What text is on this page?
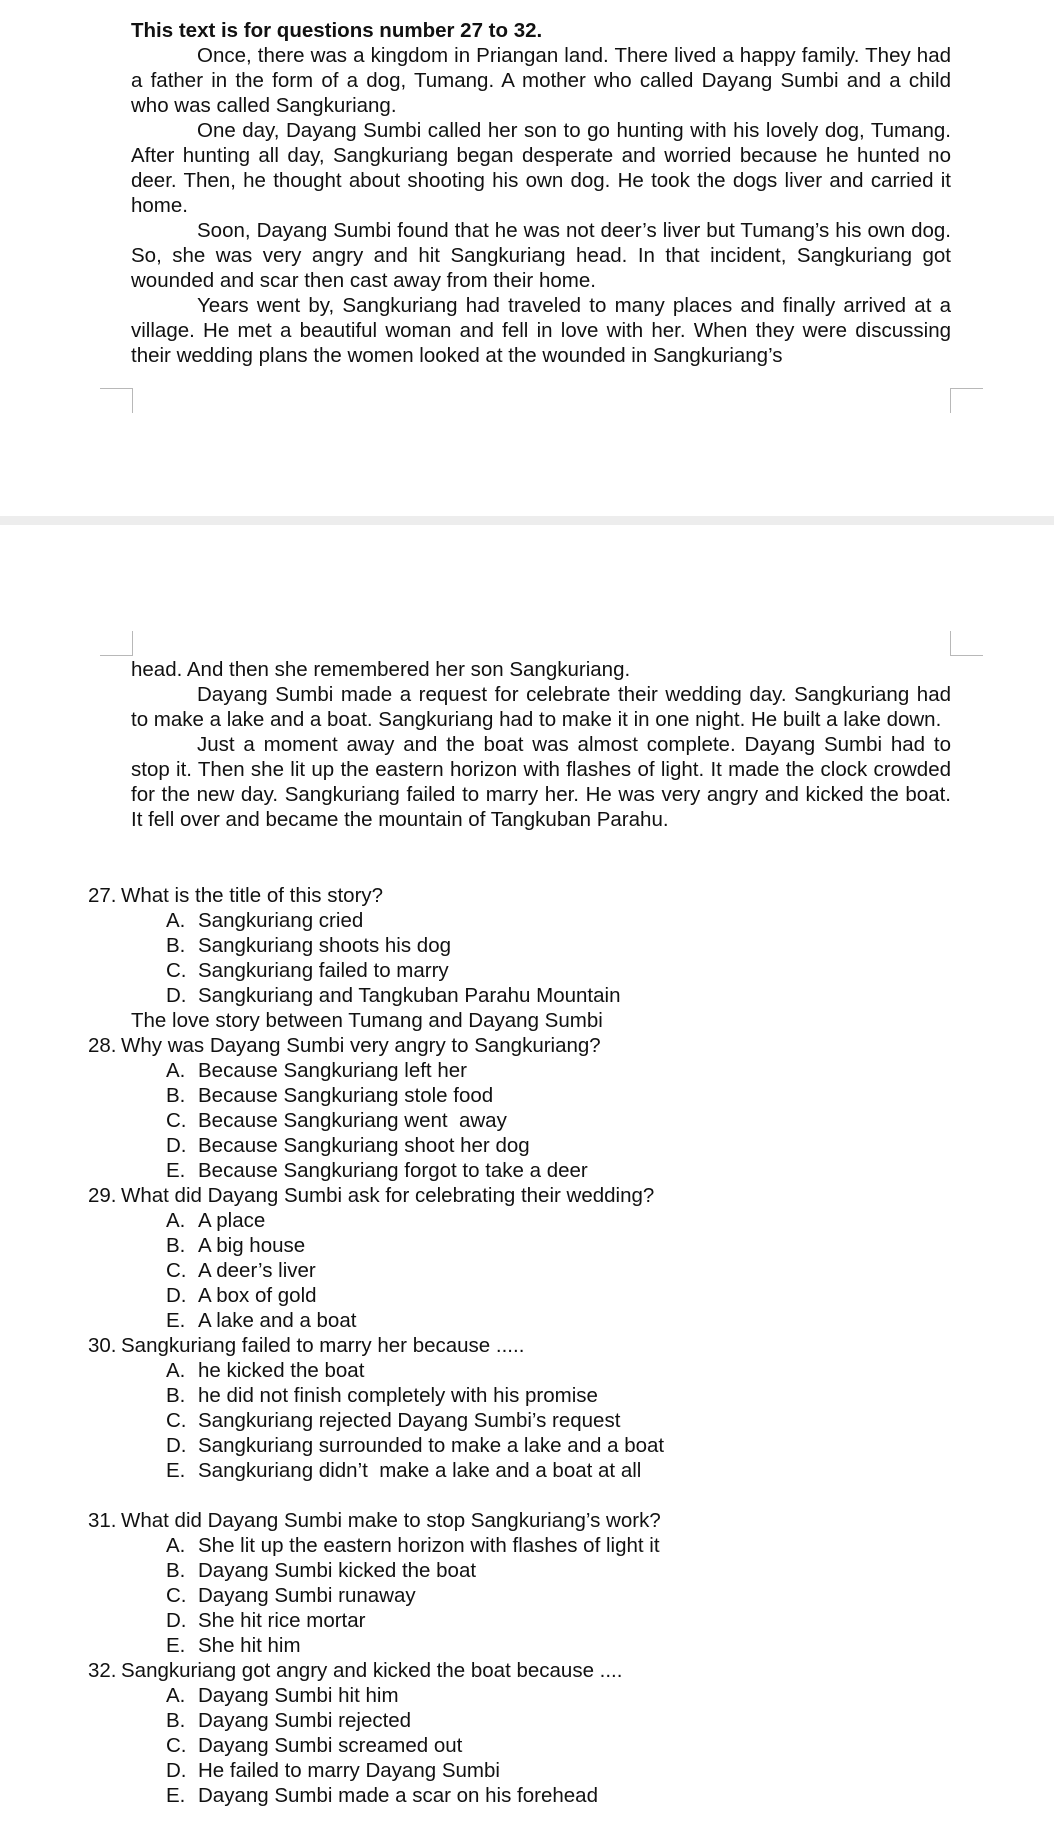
This text is for questions number 27 to 32.

Once, there was a kingdom in Priangan land. There lived a happy family. They had a father in the form of a dog, Tumang. A mother who called Dayang Sumbi and a child who was called Sangkuriang.

One day, Dayang Sumbi called her son to go hunting with his lovely dog, Tumang. After hunting all day, Sangkuriang began desperate and worried because he hunted no deer. Then, he thought about shooting his own dog. He took the dogs liver and carried it home.

Soon, Dayang Sumbi found that he was not deer’s liver but Tumang’s his own dog. So, she was very angry and hit Sangkuriang head. In that incident, Sangkuriang got wounded and scar then cast away from their home.

Years went by, Sangkuriang had traveled to many places and finally arrived at a village. He met a beautiful woman and fell in love with her. When they were discussing their wedding plans the women looked at the wounded in Sangkuriang’s

head. And then she remembered her son Sangkuriang.

Dayang Sumbi made a request for celebrate their wedding day. Sangkuriang had to make a lake and a boat. Sangkuriang had to make it in one night. He built a lake down.

Just a moment away and the boat was almost complete. Dayang Sumbi had to stop it. Then she lit up the eastern horizon with flashes of light. It made the clock crowded for the new day. Sangkuriang failed to marry her. He was very angry and kicked the boat. It fell over and became the mountain of Tangkuban Parahu.

27. What is the title of this story?
A. Sangkuriang cried
B. Sangkuriang shoots his dog
C. Sangkuriang failed to marry
D. Sangkuriang and Tangkuban Parahu Mountain
The love story between Tumang and Dayang Sumbi
28. Why was Dayang Sumbi very angry to Sangkuriang?
A. Because Sangkuriang left her
B. Because Sangkuriang stole food
C. Because Sangkuriang went  away
D. Because Sangkuriang shoot her dog
E. Because Sangkuriang forgot to take a deer
29. What did Dayang Sumbi ask for celebrating their wedding?
A. A place
B. A big house
C. A deer’s liver
D. A box of gold
E. A lake and a boat
30. Sangkuriang failed to marry her because .....
A. he kicked the boat
B. he did not finish completely with his promise
C. Sangkuriang rejected Dayang Sumbi’s request
D. Sangkuriang surrounded to make a lake and a boat
E. Sangkuriang didn’t  make a lake and a boat at all
31. What did Dayang Sumbi make to stop Sangkuriang’s work?
A. She lit up the eastern horizon with flashes of light it
B. Dayang Sumbi kicked the boat
C. Dayang Sumbi runaway
D. She hit rice mortar
E. She hit him
32. Sangkuriang got angry and kicked the boat because ....
A. Dayang Sumbi hit him
B. Dayang Sumbi rejected
C. Dayang Sumbi screamed out
D. He failed to marry Dayang Sumbi
E. Dayang Sumbi made a scar on his forehead
